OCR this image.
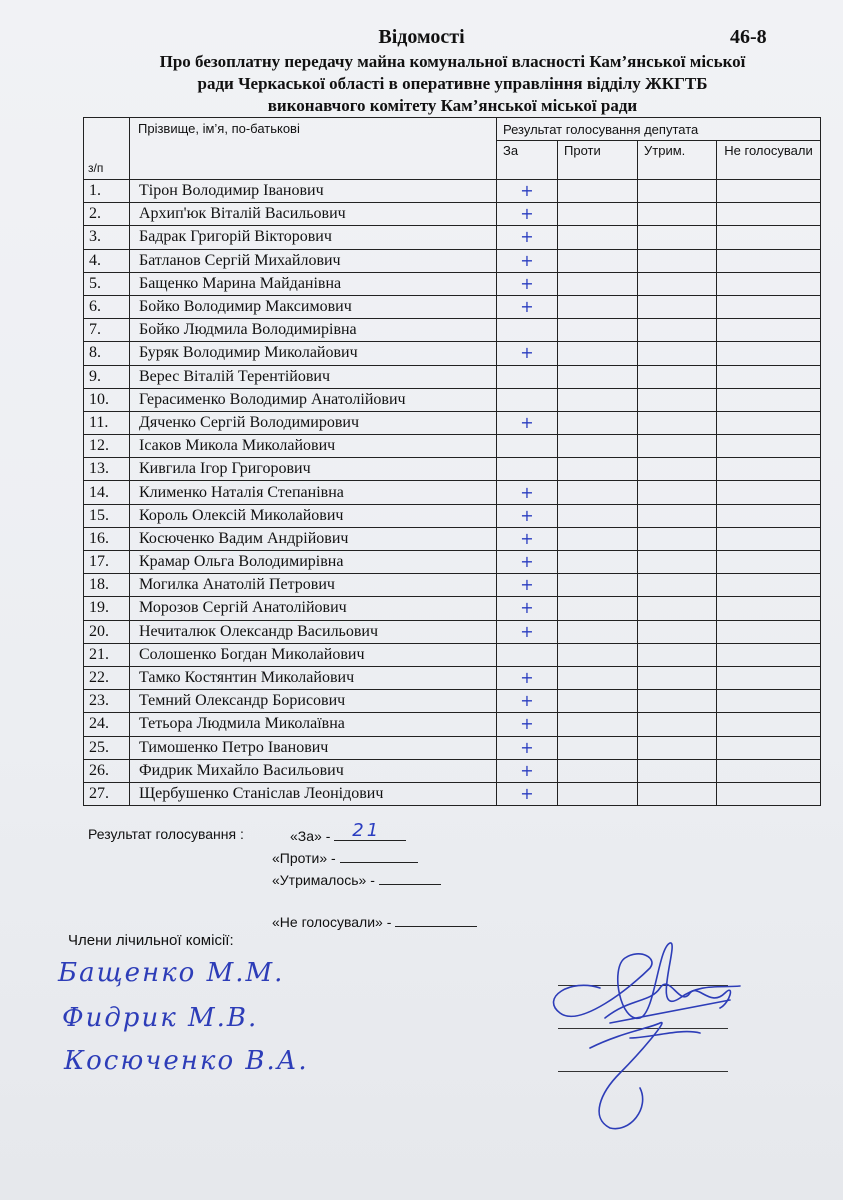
Відомості	46-8
Про безоплатну передачу майна комунальної власності Кам’янської міської
ради Черкаської області в оперативне управління відділу ЖКГТБ
виконавчого комітету Кам’янської міської ради
з/п	Прізвище, ім’я, по-батькові	Результат голосування депутата			
		За	Проти	Утрим.	Не голосували
1.	Тірон Володимир Іванович	+			
2.	Архип'юк Віталій Васильович	+			
3.	Бадрак Григорій Вікторович	+			
4.	Батланов Сергій Михайлович	+			
5.	Бащенко Марина Майданівна	+			
6.	Бойко Володимир Максимович	+			
7.	Бойко Людмила Володимирівна				
8.	Буряк Володимир Миколайович	+			
9.	Верес Віталій Терентійович				
10.	Герасименко Володимир Анатолійович				
11.	Дяченко Сергій Володимирович	+			
12.	Ісаков Микола Миколайович				
13.	Кивгила Ігор Григорович				
14.	Клименко Наталія Степанівна	+			
15.	Король Олексій Миколайович	+			
16.	Косюченко Вадим Андрійович	+			
17.	Крамар Ольга Володимирівна	+			
18.	Могилка Анатолій Петрович	+			
19.	Морозов Сергій Анатолійович	+			
20.	Нечиталюк Олександр Васильович	+			
21.	Солошенко Богдан Миколайович				
22.	Тамко Костянтин Миколайович	+			
23.	Темний Олександр Борисович	+			
24.	Тетьора Людмила Миколаївна	+			
25.	Тимошенко Петро Іванович	+			
26.	Фидрик Михайло Васильович	+			
27.	Щербушенко Станіслав Леонідович	+			
Результат голосування :	«За» - 21
«Проти» -
«Утрималось» -
«Не голосували» -
Члени лічильної комісії:
Бащенко М.М.
Фидрик М.В.
Косюченко В.А.
